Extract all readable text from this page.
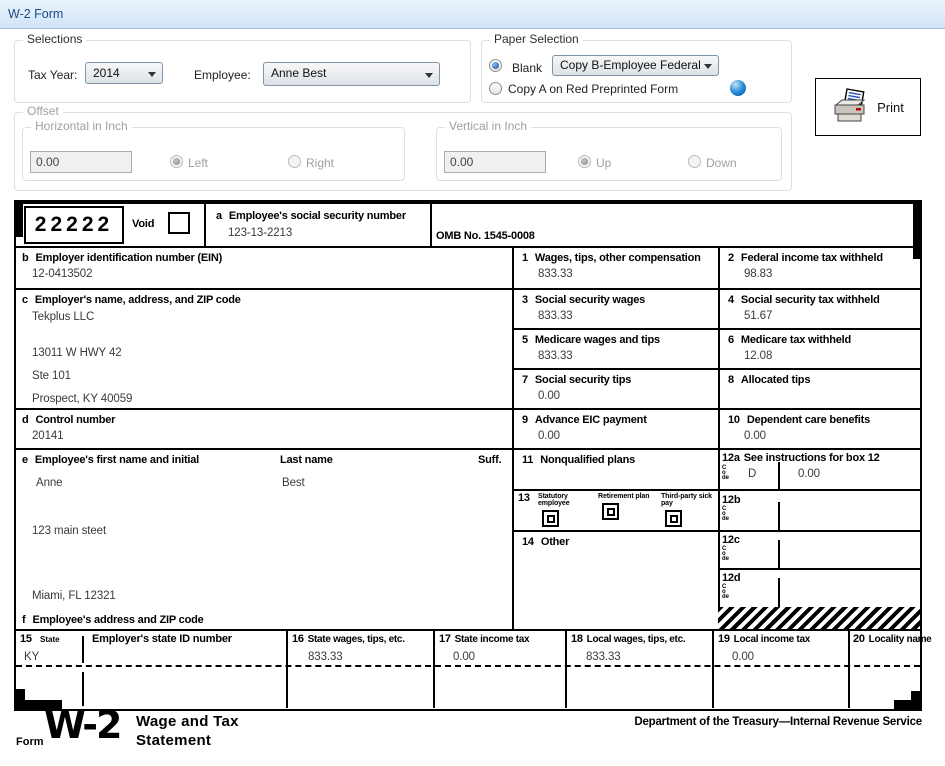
W-2 Form
Selections
Tax Year:	2014	Employee:	Anne Best
Paper Selection
Blank	Copy B-Employee Federal
Copy A on Red Preprinted Form
Print
Offset
Horizontal in Inch
0.00
Left	Right
Vertical in Inch
0.00
Up	Down
22222	Void
a Employee's social security number
123-13-2213	OMB No. 1545-0008
b Employer identification number (EIN)
12-0413502
1 Wages, tips, other compensation
833.33
2 Federal income tax withheld
98.83
c Employer's name, address, and ZIP code
Tekplus LLC
13011 W HWY 42
Ste 101
Prospect, KY 40059
3 Social security wages
833.33
4 Social security tax withheld
51.67
5 Medicare wages and tips
833.33
6 Medicare tax withheld
12.08
7 Social security tips
0.00
8 Allocated tips
d Control number
20141
9 Advance EIC payment
0.00
10 Dependent care benefits
0.00
e Employee's first name and initial	Last name	Suff.
Anne	Best
123 main steet
Miami, FL 12321
f Employee's address and ZIP code
11 Nonqualified plans	12a See instructions for box 12
Code D	0.00
13 Statutory employee
Retirement plan	Third-party sick pay	12b
Code
14 Other	12c
Code
12d
Code
15	State	Employer's state ID number
KY
16 State wages, tips, etc.
833.33
17 State income tax
0.00
18 Local wages, tips, etc.
833.33
19 Local income tax
0.00
20 Locality name
Form W-2 Wage and Tax Statement
Department of the Treasury—Internal Revenue Service
